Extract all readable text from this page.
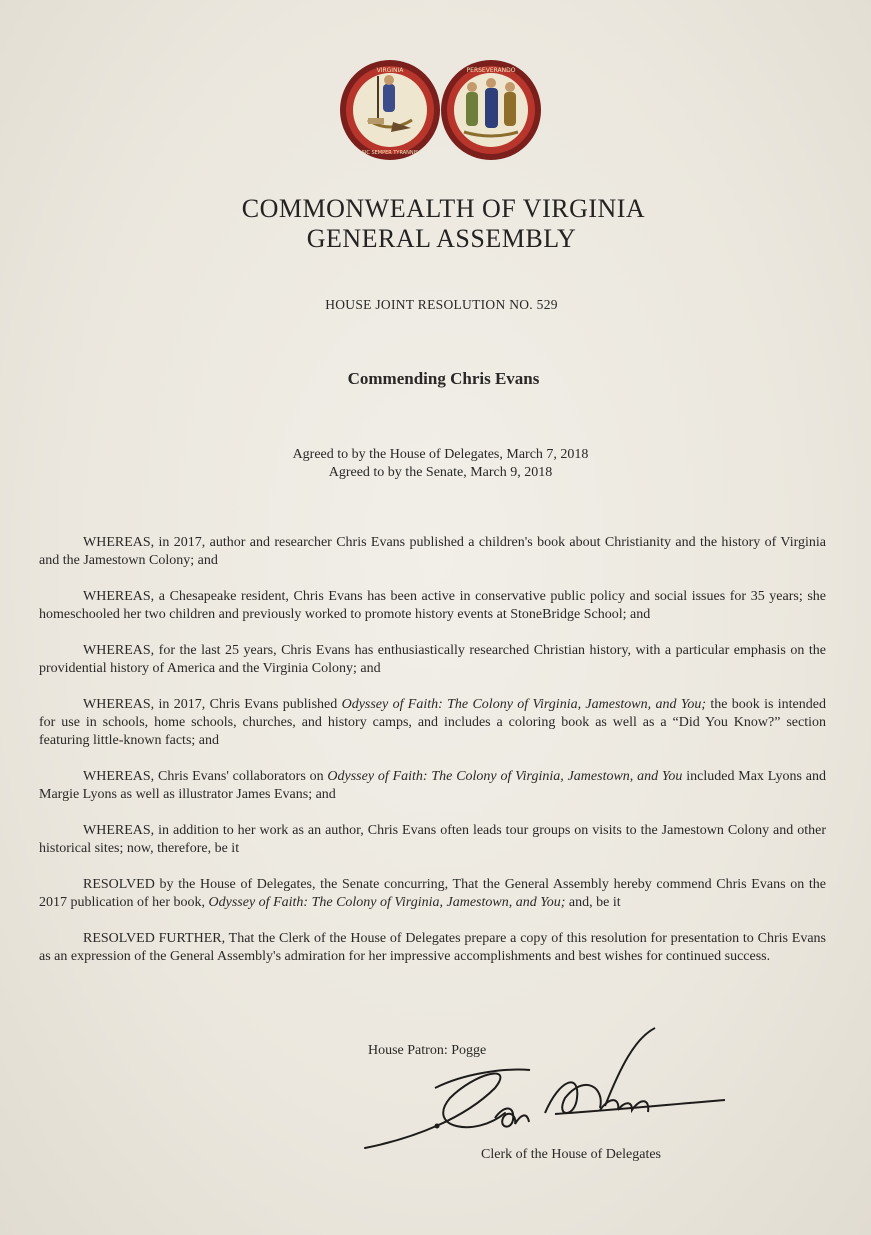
VIRGINIA
SIC SEMPER TYRANNIS
PERSEVERANDO
COMMONWEALTH OF VIRGINIA
GENERAL ASSEMBLY
HOUSE JOINT RESOLUTION NO. 529
Commending Chris Evans
Agreed to by the House of Delegates, March 7, 2018
Agreed to by the Senate, March 9, 2018

WHEREAS, in 2017, author and researcher Chris Evans published a children's book about Christianity and the history of Virginia and the Jamestown Colony; and

WHEREAS, a Chesapeake resident, Chris Evans has been active in conservative public policy and social issues for 35 years; she homeschooled her two children and previously worked to promote history events at StoneBridge School; and

WHEREAS, for the last 25 years, Chris Evans has enthusiastically researched Christian history, with a particular emphasis on the providential history of America and the Virginia Colony; and

WHEREAS, in 2017, Chris Evans published Odyssey of Faith: The Colony of Virginia, Jamestown, and You; the book is intended for use in schools, home schools, churches, and history camps, and includes a coloring book as well as a “Did You Know?” section featuring little-known facts; and

WHEREAS, Chris Evans' collaborators on Odyssey of Faith: The Colony of Virginia, Jamestown, and You included Max Lyons and Margie Lyons as well as illustrator James Evans; and

WHEREAS, in addition to her work as an author, Chris Evans often leads tour groups on visits to the Jamestown Colony and other historical sites; now, therefore, be it

RESOLVED by the House of Delegates, the Senate concurring, That the General Assembly hereby commend Chris Evans on the 2017 publication of her book, Odyssey of Faith: The Colony of Virginia, Jamestown, and You; and, be it

RESOLVED FURTHER, That the Clerk of the House of Delegates prepare a copy of this resolution for presentation to Chris Evans as an expression of the General Assembly's admiration for her impressive accomplishments and best wishes for continued success.

House Patron: Pogge
Clerk of the House of Delegates
